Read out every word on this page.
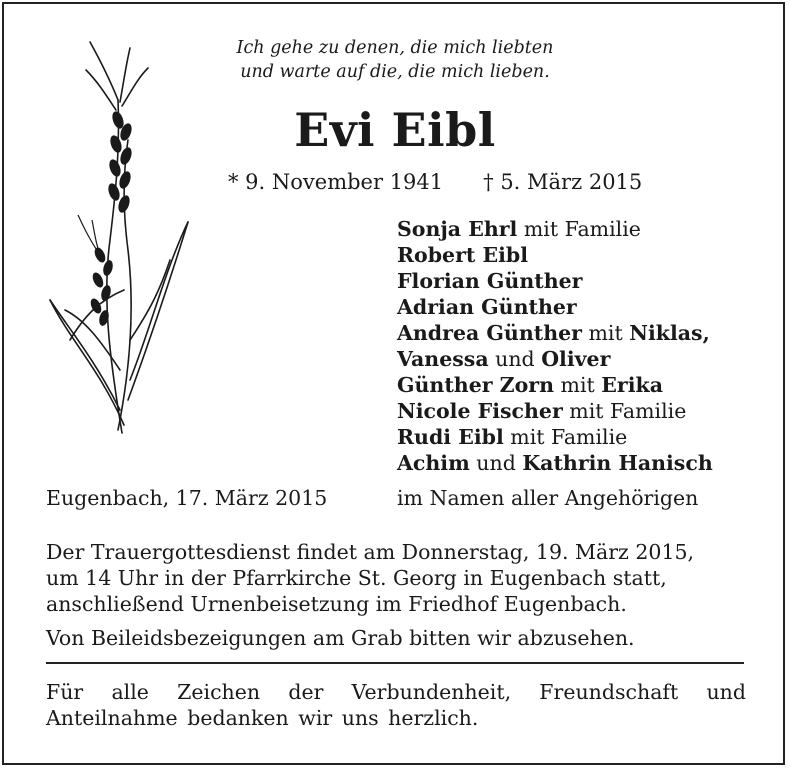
Ich gehe zu denen, die mich liebten
und warte auf die, die mich lieben.
Evi Eibl
* 9. November 1941 † 5. März 2015
Sonja Ehrl mit Familie
Robert Eibl
Florian Günther
Adrian Günther
Andrea Günther mit Niklas,
Vanessa und Oliver
Günther Zorn mit Erika
Nicole Fischer mit Familie
Rudi Eibl mit Familie
Achim und Kathrin Hanisch
Eugenbach, 17. März 2015	im Namen aller Angehörigen
Der Trauergottesdienst findet am Donnerstag, 19. März 2015,
um 14 Uhr in der Pfarrkirche St. Georg in Eugenbach statt,
anschließend Urnenbeisetzung im Friedhof Eugenbach.
Von Beileidsbezeigungen am Grab bitten wir abzusehen.
Für alle Zeichen der Verbundenheit, Freundschaft und Anteilnahme bedanken wir uns herzlich.
